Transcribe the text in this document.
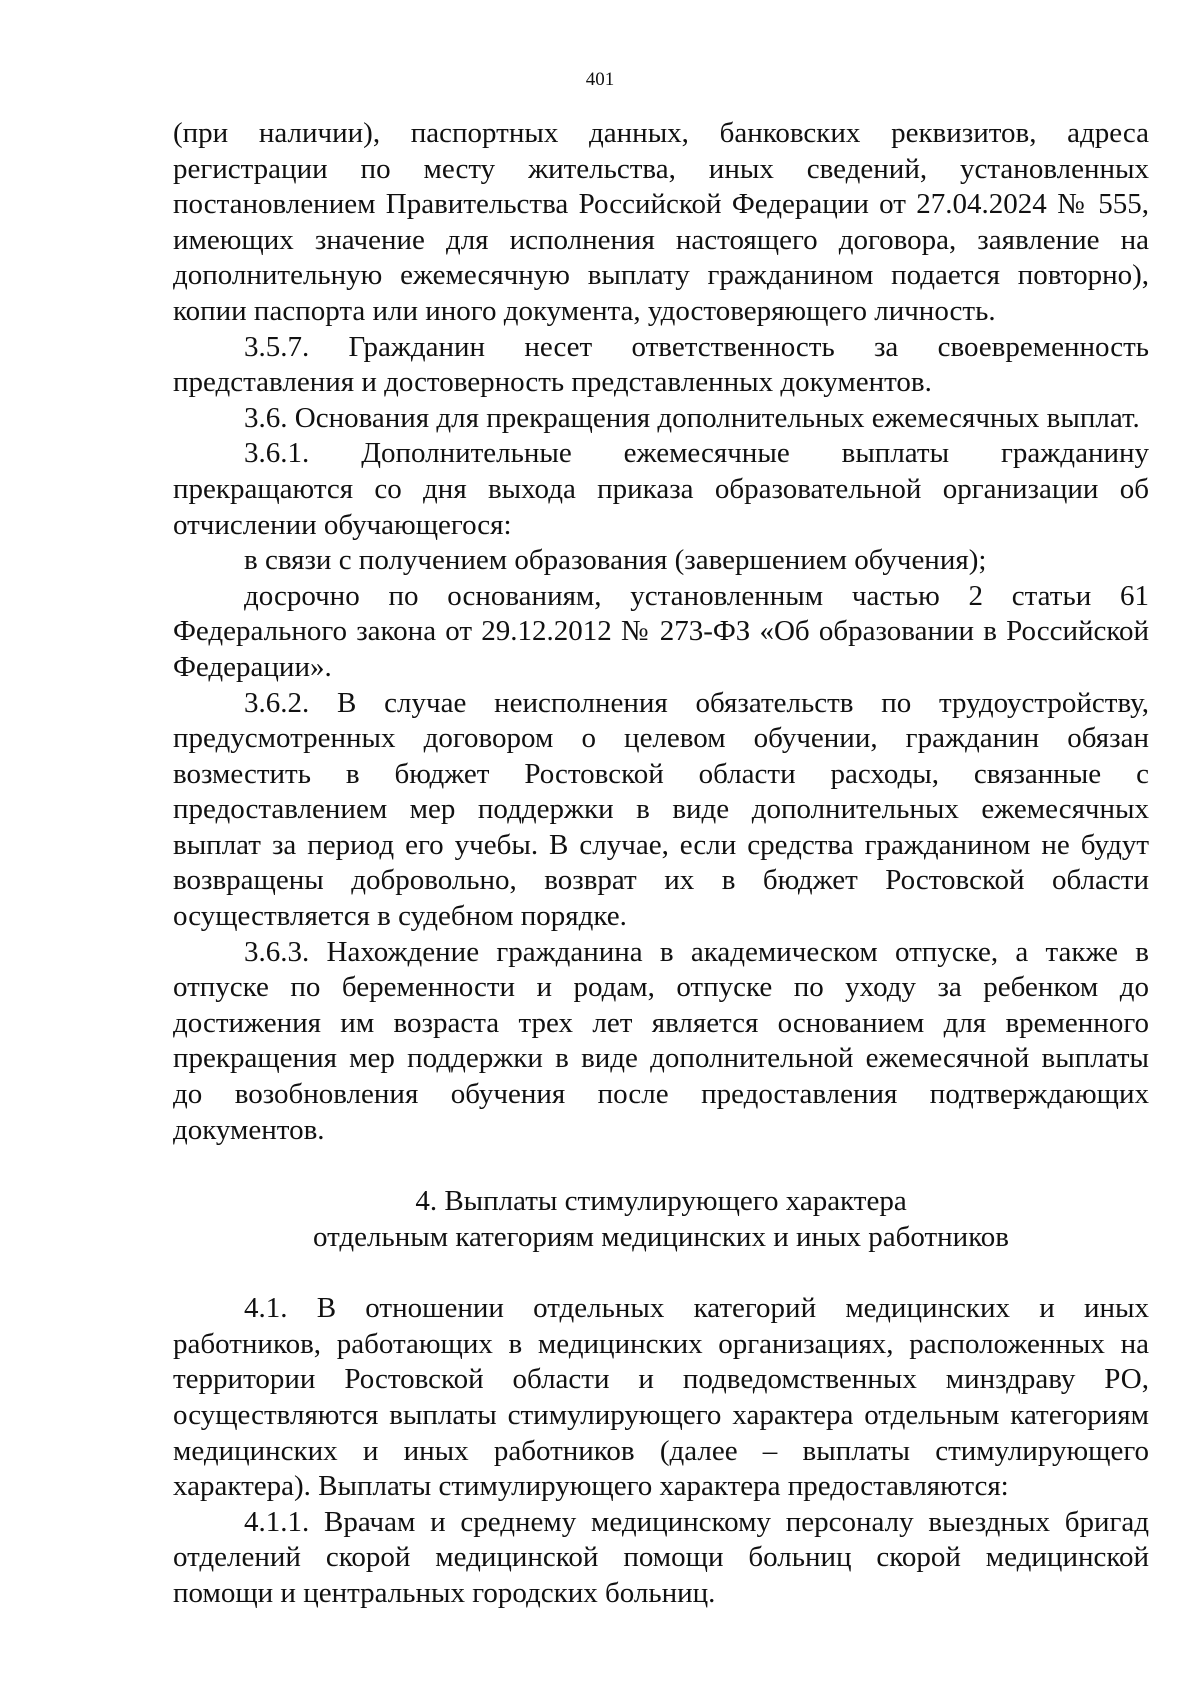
401

(при наличии), паспортных данных, банковских реквизитов, адреса регистрации по месту жительства, иных сведений, установленных постановлением Правительства Российской Федерации от 27.04.2024 № 555, имеющих значение для исполнения настоящего договора, заявление на дополнительную ежемесячную выплату гражданином подается повторно), копии паспорта или иного документа, удостоверяющего личность.

3.5.7. Гражданин несет ответственность за своевременность представления и достоверность представленных документов.

3.6. Основания для прекращения дополнительных ежемесячных выплат.

3.6.1. Дополнительные ежемесячные выплаты гражданину прекращаются со дня выхода приказа образовательной организации об отчислении обучающегося:

в связи с получением образования (завершением обучения);

досрочно по основаниям, установленным частью 2 статьи 61 Федерального закона от 29.12.2012 № 273-ФЗ «Об образовании в Российской Федерации».

3.6.2. В случае неисполнения обязательств по трудоустройству, предусмотренных договором о целевом обучении, гражданин обязан возместить в бюджет Ростовской области расходы, связанные с предоставлением мер поддержки в виде дополнительных ежемесячных выплат за период его учебы. В случае, если средства гражданином не будут возвращены добровольно, возврат их в бюджет Ростовской области осуществляется в судебном порядке.

3.6.3. Нахождение гражданина в академическом отпуске, а также в отпуске по беременности и родам, отпуске по уходу за ребенком до достижения им возраста трех лет является основанием для временного прекращения мер поддержки в виде дополнительной ежемесячной выплаты до возобновления обучения после предоставления подтверждающих документов.

4. Выплаты стимулирующего характера

отдельным категориям медицинских и иных работников

4.1. В отношении отдельных категорий медицинских и иных работников, работающих в медицинских организациях, расположенных на территории Ростовской области и подведомственных минздраву РО, осуществляются выплаты стимулирующего характера отдельным категориям медицинских и иных работников (далее – выплаты стимулирующего характера). Выплаты стимулирующего характера предоставляются:

4.1.1. Врачам и среднему медицинскому персоналу выездных бригад отделений скорой медицинской помощи больниц скорой медицинской помощи и центральных городских больниц.
